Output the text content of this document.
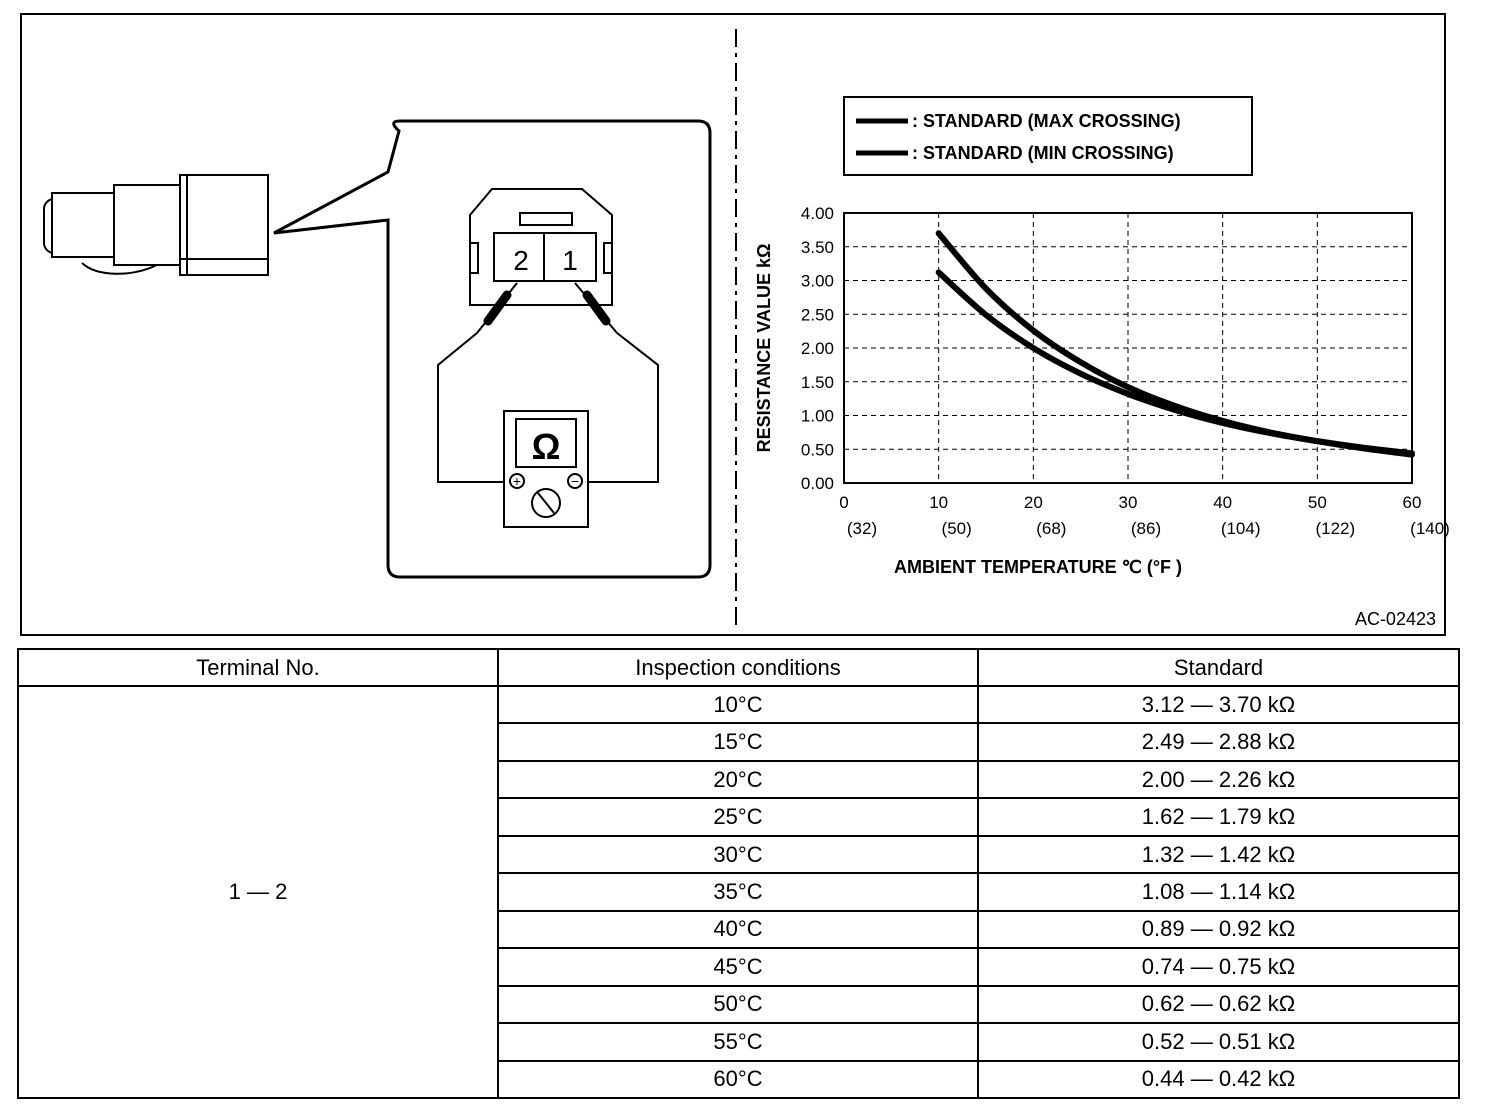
2 1
Ω
+	−
: STANDARD (MAX CROSSING)
: STANDARD (MIN CROSSING)
0.00
0.50
1.00
1.50
2.00
2.50
3.00
3.50
4.00
0
(32)
10
(50)
20
(68)
30
(86)
40
(104)
50
(122)
60
(140)
RESISTANCE VALUE kΩ
AMBIENT TEMPERATURE ℃ (°F )
AC-02423
Terminal No.	Inspection conditions	Standard
1 — 2	10°C	3.12 — 3.70 kΩ
	15°C	2.49 — 2.88 kΩ
	20°C	2.00 — 2.26 kΩ
	25°C	1.62 — 1.79 kΩ
	30°C	1.32 — 1.42 kΩ
	35°C	1.08 — 1.14 kΩ
	40°C	0.89 — 0.92 kΩ
	45°C	0.74 — 0.75 kΩ
	50°C	0.62 — 0.62 kΩ
	55°C	0.52 — 0.51 kΩ
	60°C	0.44 — 0.42 kΩ
